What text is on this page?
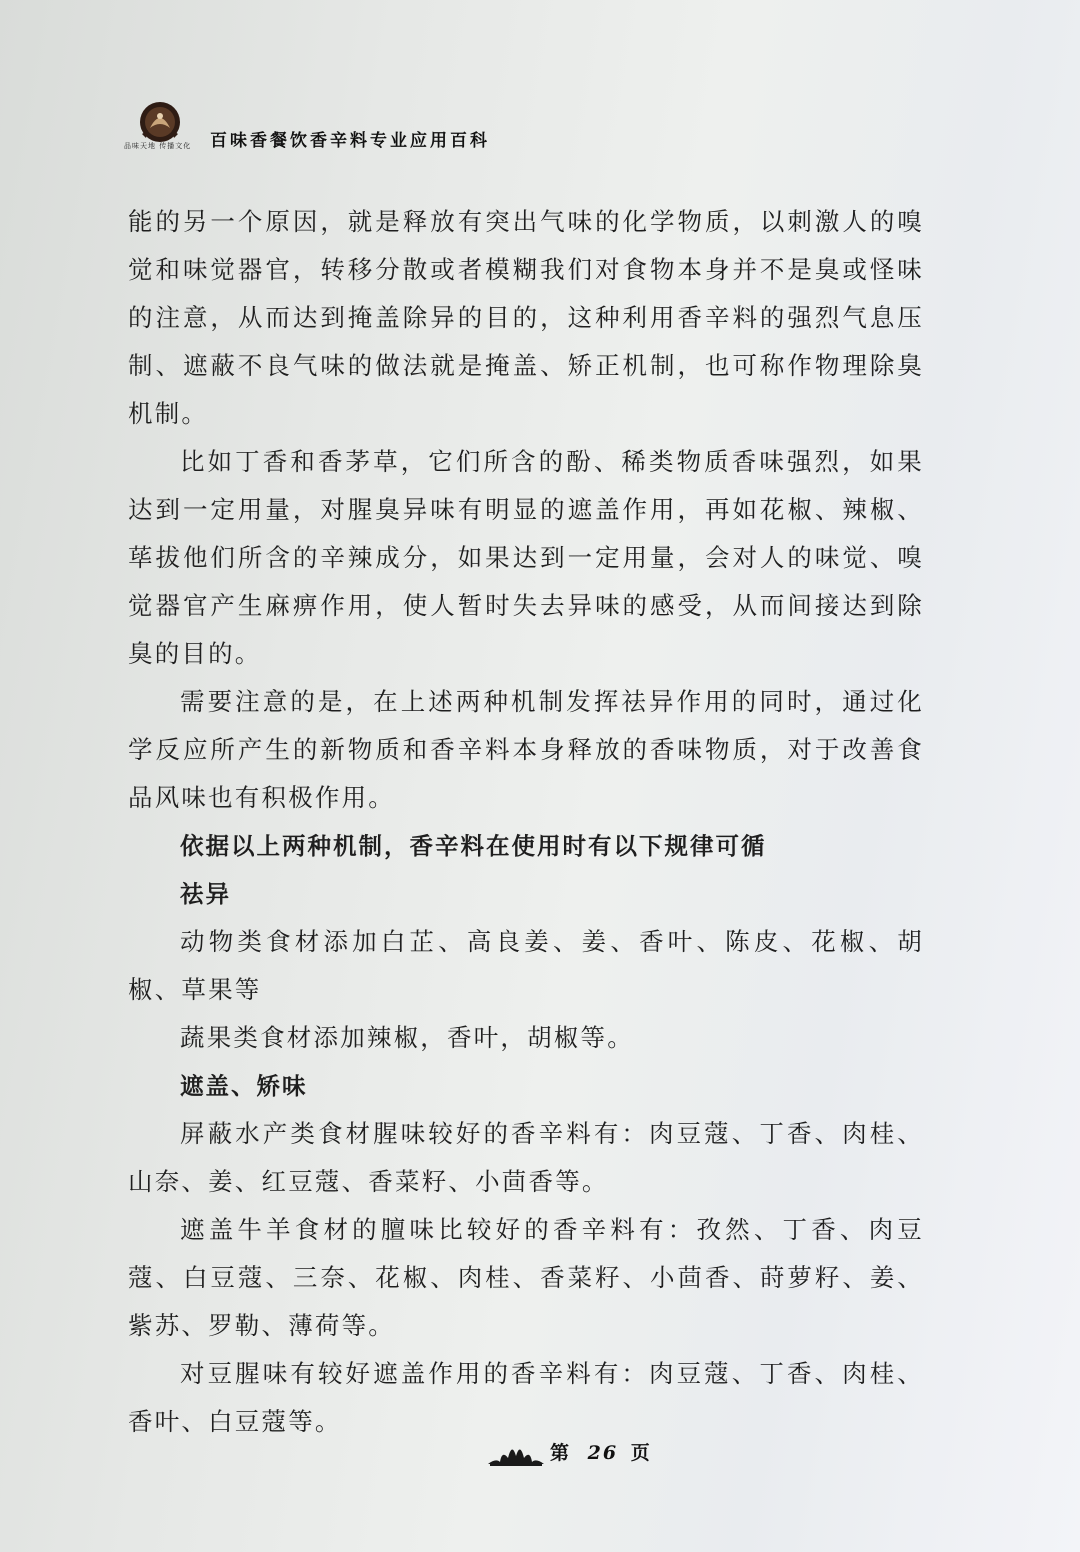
品味天地 传播文化	百味香餐饮香辛料专业应用百科

能的另一个原因，就是释放有突出气味的化学物质，以刺激人的嗅觉和味觉器官，转移分散或者模糊我们对食物本身并不是臭或怪味的注意，从而达到掩盖除异的目的，这种利用香辛料的强烈气息压制、遮蔽不良气味的做法就是掩盖、矫正机制，也可称作物理除臭机制。

比如丁香和香茅草，它们所含的酚、稀类物质香味强烈，如果达到一定用量，对腥臭异味有明显的遮盖作用，再如花椒、辣椒、荜拔他们所含的辛辣成分，如果达到一定用量，会对人的味觉、嗅觉器官产生麻痹作用，使人暂时失去异味的感受，从而间接达到除臭的目的。

需要注意的是，在上述两种机制发挥祛异作用的同时，通过化学反应所产生的新物质和香辛料本身释放的香味物质，对于改善食品风味也有积极作用。

依据以上两种机制，香辛料在使用时有以下规律可循

祛异

动物类食材添加白芷、高良姜、姜、香叶、陈皮、花椒、胡椒、草果等

蔬果类食材添加辣椒，香叶，胡椒等。

遮盖、矫味

屏蔽水产类食材腥味较好的香辛料有：肉豆蔻、丁香、肉桂、山奈、姜、红豆蔻、香菜籽、小茴香等。

遮盖牛羊食材的膻味比较好的香辛料有：孜然、丁香、肉豆蔻、白豆蔻、三奈、花椒、肉桂、香菜籽、小茴香、莳萝籽、姜、紫苏、罗勒、薄荷等。

对豆腥味有较好遮盖作用的香辛料有：肉豆蔻、丁香、肉桂、香叶、白豆蔻等。

第 26 页
